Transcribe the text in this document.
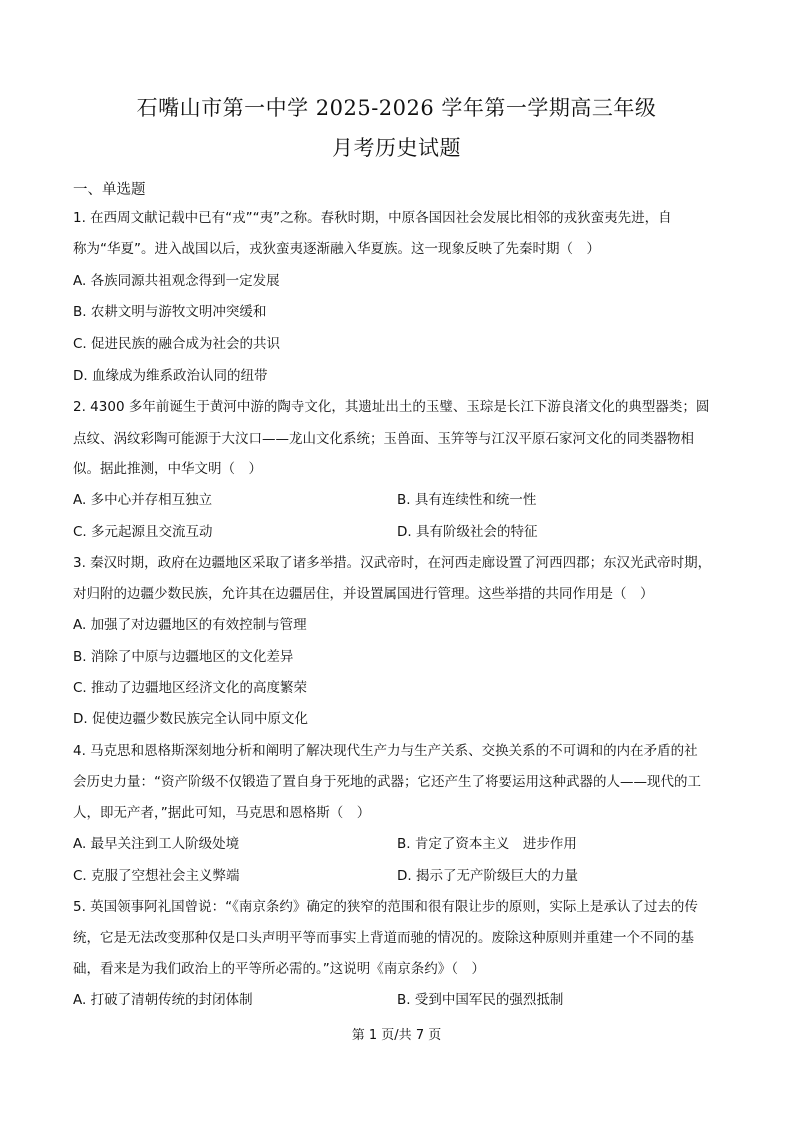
石嘴山市第一中学 2025-2026 学年第一学期高三年级
月考历史试题
一、单选题
1. 在西周文献记载中已有“戎”“夷”之称。春秋时期，中原各国因社会发展比相邻的戎狄蛮夷先进，自
称为“华夏”。进入战国以后，戎狄蛮夷逐渐融入华夏族。这一现象反映了先秦时期（　）
A. 各族同源共祖观念得到一定发展
B. 农耕文明与游牧文明冲突缓和
C. 促进民族的融合成为社会的共识
D. 血缘成为维系政治认同的纽带
2. 4300 多年前诞生于黄河中游的陶寺文化，其遗址出土的玉璧、玉琮是长江下游良渚文化的典型器类；圆
点纹、涡纹彩陶可能源于大汶口——龙山文化系统；玉兽面、玉笄等与江汉平原石家河文化的同类器物相
似。据此推测，中华文明（　）
A. 多中心并存相互独立	B. 具有连续性和统一性
C. 多元起源且交流互动	D. 具有阶级社会的特征
3. 秦汉时期，政府在边疆地区采取了诸多举措。汉武帝时，在河西走廊设置了河西四郡；东汉光武帝时期，
对归附的边疆少数民族，允许其在边疆居住，并设置属国进行管理。这些举措的共同作用是（　）
A. 加强了对边疆地区的有效控制与管理
B. 消除了中原与边疆地区的文化差异
C. 推动了边疆地区经济文化的高度繁荣
D. 促使边疆少数民族完全认同中原文化
4. 马克思和恩格斯深刻地分析和阐明了解决现代生产力与生产关系、交换关系的不可调和的内在矛盾的社
会历史力量：“资产阶级不仅锻造了置自身于死地的武器；它还产生了将要运用这种武器的人——现代的工
人，即无产者，”据此可知，马克思和恩格斯（　）
A. 最早关注到工人阶级处境	B. 肯定了资本主义　进步作用
C. 克服了空想社会主义弊端	D. 揭示了无产阶级巨大的力量
5. 英国领事阿礼国曾说：“《南京条约》确定的狭窄的范围和很有限让步的原则，实际上是承认了过去的传
统，它是无法改变那种仅是口头声明平等而事实上背道而驰的情况的。废除这种原则并重建一个不同的基
础，看来是为我们政治上的平等所必需的。”这说明《南京条约》（　）
A. 打破了清朝传统的封闭体制	B. 受到中国军民的强烈抵制
第 1 页/共 7 页
